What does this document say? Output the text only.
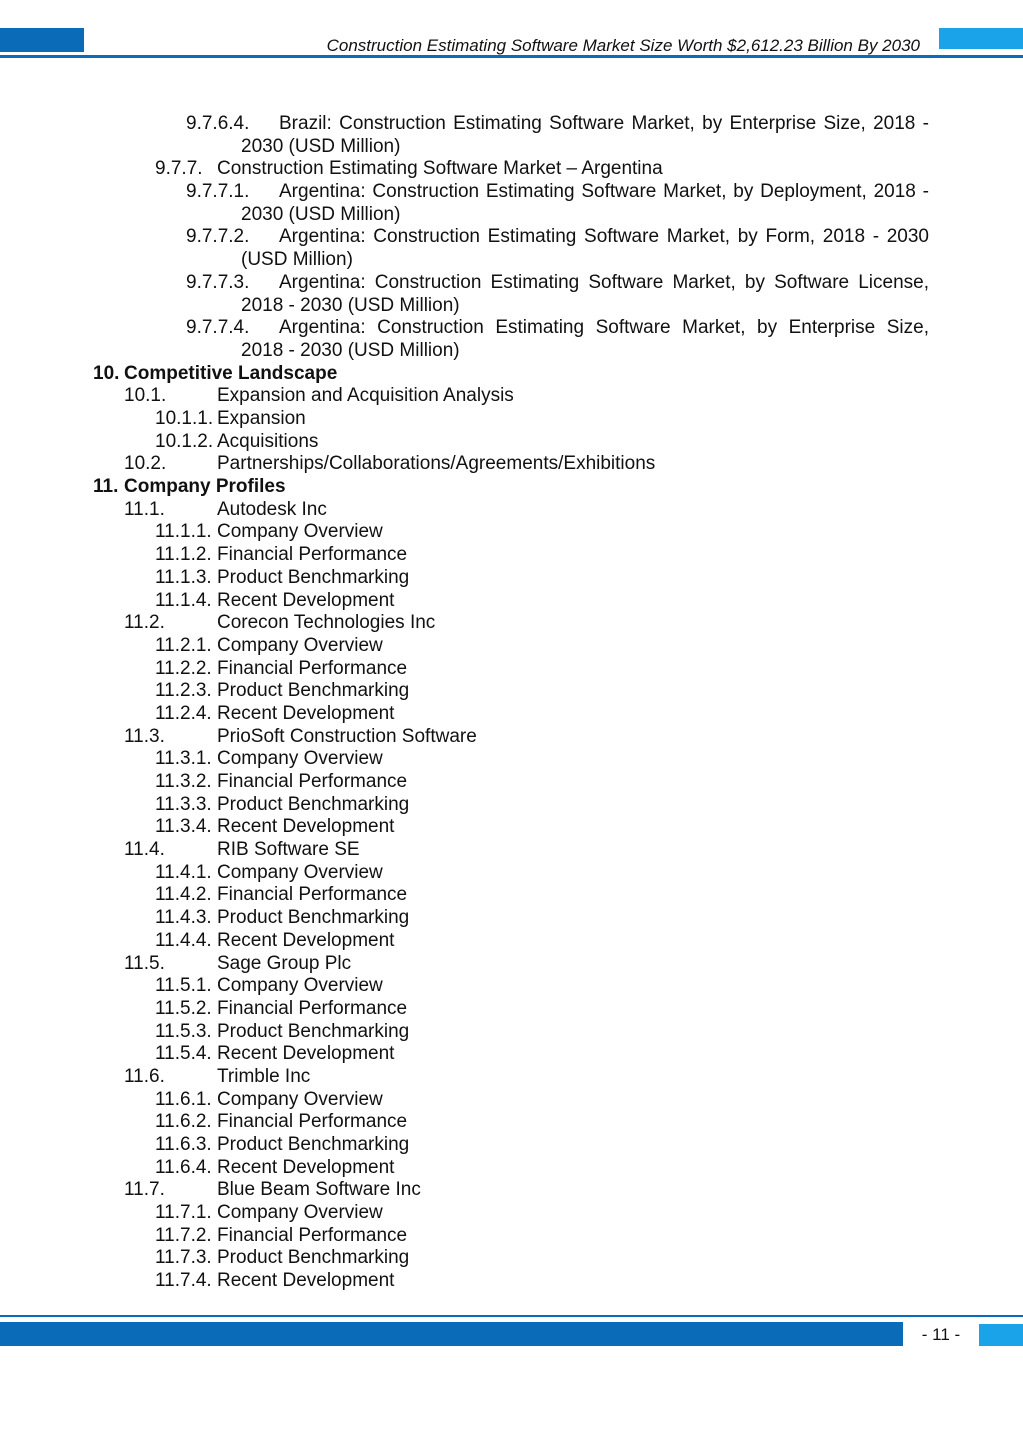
Construction Estimating Software Market Size Worth $2,612.23 Billion By 2030
9.7.6.4.	Brazil: Construction Estimating Software Market, by Enterprise Size, 2018 - 2030 (USD Million)
9.7.7. Construction Estimating Software Market – Argentina
9.7.7.1.	Argentina: Construction Estimating Software Market, by Deployment, 2018 - 2030 (USD Million)
9.7.7.2.	Argentina: Construction Estimating Software Market, by Form, 2018 - 2030 (USD Million)
9.7.7.3.	Argentina: Construction Estimating Software Market, by Software License, 2018 - 2030 (USD Million)
9.7.7.4.	Argentina: Construction Estimating Software Market, by Enterprise Size, 2018 - 2030 (USD Million)
10. Competitive Landscape
10.1.	Expansion and Acquisition Analysis
10.1.1. Expansion
10.1.2. Acquisitions
10.2.	Partnerships/Collaborations/Agreements/Exhibitions
11. Company Profiles
11.1.	Autodesk Inc
11.1.1. Company Overview
11.1.2. Financial Performance
11.1.3. Product Benchmarking
11.1.4. Recent Development
11.2.	Corecon Technologies Inc
11.2.1. Company Overview
11.2.2. Financial Performance
11.2.3. Product Benchmarking
11.2.4. Recent Development
11.3.	PrioSoft Construction Software
11.3.1. Company Overview
11.3.2. Financial Performance
11.3.3. Product Benchmarking
11.3.4. Recent Development
11.4.	RIB Software SE
11.4.1. Company Overview
11.4.2. Financial Performance
11.4.3. Product Benchmarking
11.4.4. Recent Development
11.5.	Sage Group Plc
11.5.1. Company Overview
11.5.2. Financial Performance
11.5.3. Product Benchmarking
11.5.4. Recent Development
11.6.	Trimble Inc
11.6.1. Company Overview
11.6.2. Financial Performance
11.6.3. Product Benchmarking
11.6.4. Recent Development
11.7.	Blue Beam Software Inc
11.7.1. Company Overview
11.7.2. Financial Performance
11.7.3. Product Benchmarking
11.7.4. Recent Development
- 11 -
